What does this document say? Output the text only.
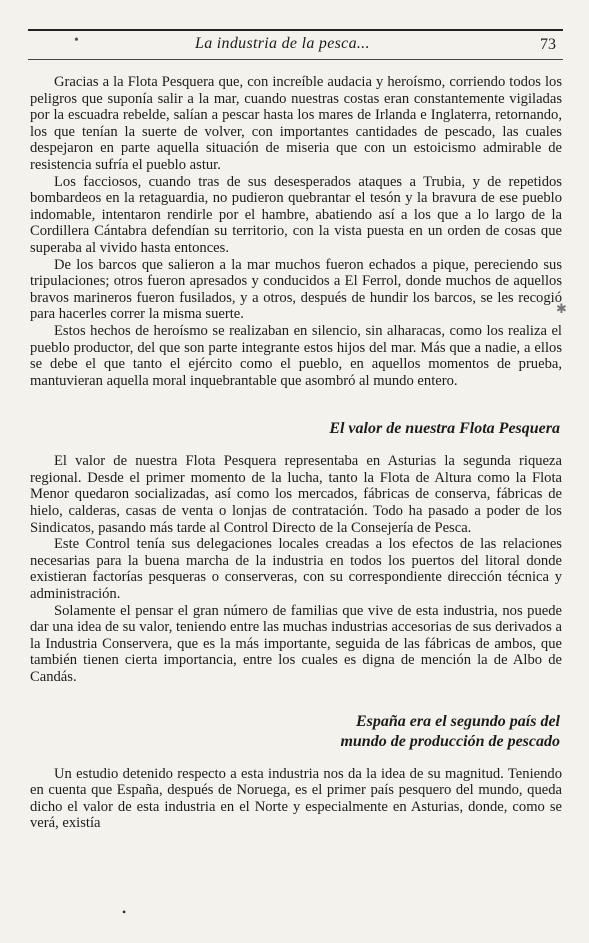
•	La industria de la pesca...	73

Gracias a la Flota Pesquera que, con increíble audacia y heroísmo, corriendo todos los peligros que suponía salir a la mar, cuando nuestras costas eran constantemente vigiladas por la escuadra rebelde, salían a pescar hasta los mares de Irlanda e Inglaterra, retornando, los que tenían la suerte de volver, con importantes cantidades de pescado, las cuales despejaron en parte aquella situación de miseria que con un estoicismo admirable de resistencia sufría el pueblo astur.

Los facciosos, cuando tras de sus desesperados ataques a Trubia, y de repetidos bombardeos en la retaguardia, no pudieron quebrantar el tesón y la bravura de ese pueblo indomable, intentaron rendirle por el hambre, abatiendo así a los que a lo largo de la Cordillera Cántabra defendían su territorio, con la vista puesta en un orden de cosas que superaba al vivido hasta entonces.

De los barcos que salieron a la mar muchos fueron echados a pique, pereciendo sus tripulaciones; otros fueron apresados y conducidos a El Ferrol, donde muchos de aquellos bravos marineros fueron fusilados, y a otros, después de hundir los barcos, se les recogió para hacerles correr la misma suerte.

Estos hechos de heroísmo se realizaban en silencio, sin alharacas, como los realiza el pueblo productor, del que son parte integrante estos hijos del mar. Más que a nadie, a ellos se debe el que tanto el ejército como el pueblo, en aquellos momentos de prueba, mantuvieran aquella moral inquebrantable que asombró al mundo entero.

El valor de nuestra Flota Pesquera

El valor de nuestra Flota Pesquera representaba en Asturias la segunda riqueza regional. Desde el primer momento de la lucha, tanto la Flota de Altura como la Flota Menor quedaron socializadas, así como los mercados, fábricas de conserva, fábricas de hielo, calderas, casas de venta o lonjas de contratación. Todo ha pasado a poder de los Sindicatos, pasando más tarde al Control Directo de la Consejería de Pesca.

Este Control tenía sus delegaciones locales creadas a los efectos de las relaciones necesarias para la buena marcha de la industria en todos los puertos del litoral donde existieran factorías pesqueras o conserveras, con su correspondiente dirección técnica y administración.

Solamente el pensar el gran número de familias que vive de esta industria, nos puede dar una idea de su valor, teniendo entre las muchas industrias accesorias de sus derivados a la Industria Conservera, que es la más importante, seguida de las fábricas de ambos, que también tienen cierta importancia, entre los cuales es digna de mención la de Albo de Candás.

España era el segundo país del
mundo de producción de pescado

Un estudio detenido respecto a esta industria nos da la idea de su magnitud. Teniendo en cuenta que España, después de Noruega, es el primer país pesquero del mundo, queda dicho el valor de esta industria en el Norte y especialmente en Asturias, donde, como se verá, existía

✱
•
